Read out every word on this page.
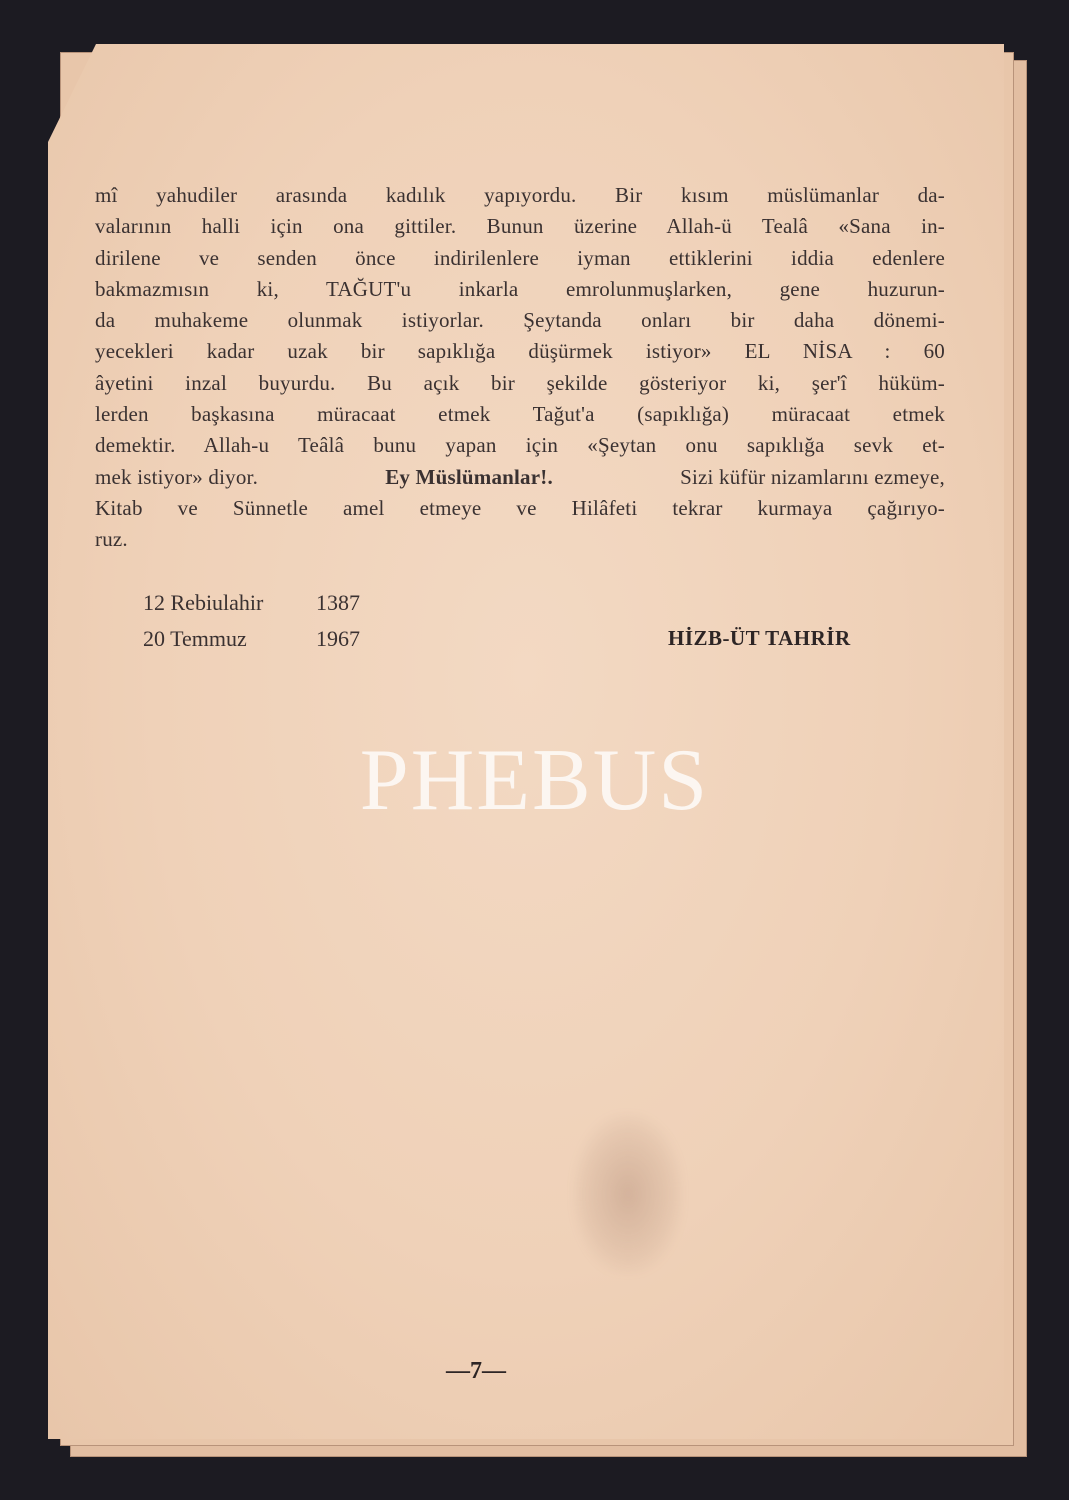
mî yahudiler arasında kadılık yapıyordu. Bir kısım müslümanlar da-
valarının halli için ona gittiler. Bunun üzerine Allah-ü Tealâ «Sana in-
dirilene ve senden önce indirilenlere iyman ettiklerini iddia edenlere
bakmazmısın ki, TAĞUT'u inkarla emrolunmuşlarken, gene huzurun-
da muhakeme olunmak istiyorlar. Şeytanda onları bir daha dönemi-
yecekleri kadar uzak bir sapıklığa düşürmek istiyor» EL NİSA : 60
âyetini inzal buyurdu. Bu açık bir şekilde gösteriyor ki, şer'î hüküm-
lerden başkasına müracaat etmek Tağut'a (sapıklığa) müracaat etmek
demektir. Allah-u Teâlâ bunu yapan için «Şeytan onu sapıklığa sevk et-
mek istiyor» diyor.	Ey Müslümanlar!.	Sizi küfür nizamlarını ezmeye,
Kitab ve Sünnetle amel etmeye ve Hilâfeti tekrar kurmaya çağırıyo-
ruz.
12 Rebiulahir	1387
20 Temmuz	1967	HİZB-ÜT TAHRİR
PHEBUS
—7—
